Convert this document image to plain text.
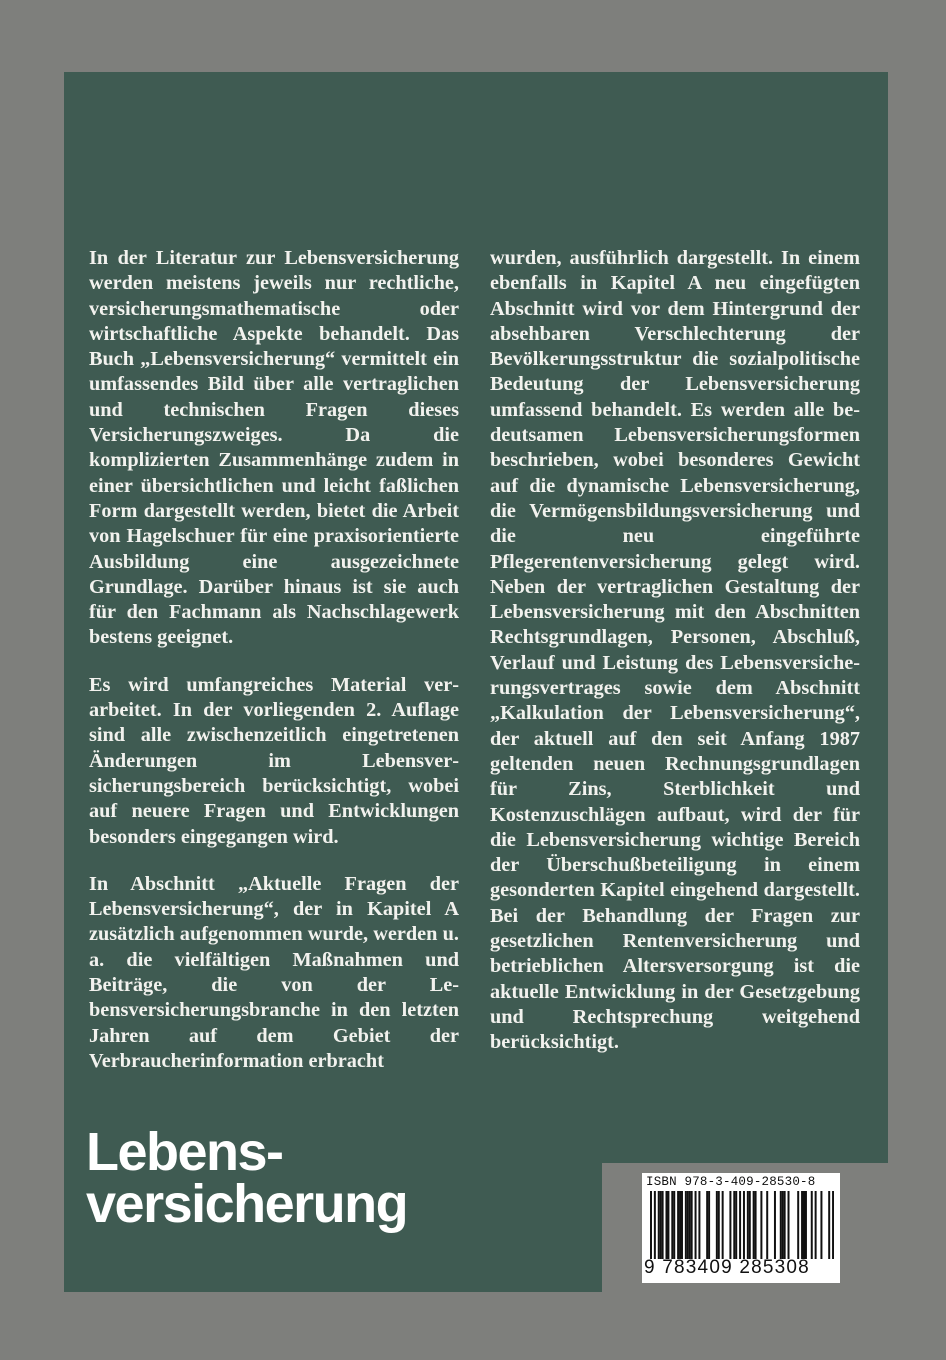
In der Literatur zur Lebensversicherung werden meistens jeweils nur rechtliche, versicherungsmathematische oder wirtschaftliche Aspekte behandelt. Das Buch „Lebensversicherung“ vermittelt ein umfassendes Bild über alle vertraglichen und technischen Fragen dieses Versicherungszweiges. Da die komplizierten Zusammenhänge zudem in einer übersichtlichen und leicht faßlichen Form dargestellt werden, bietet die Arbeit von Hagelschuer für eine praxisorientierte Ausbildung eine ausgezeichnete Grundlage. Darüber hinaus ist sie auch für den Fachmann als Nachschlagewerk bestens geeignet.

Es wird umfangreiches Material verarbeitet. In der vorliegenden 2. Auflage sind alle zwischenzeitlich eingetretenen Änderungen im Lebensversicherungsbereich berücksichtigt, wobei auf neuere Fragen und Entwicklungen besonders eingegangen wird.

In Abschnitt „Aktuelle Fragen der Lebensversicherung“, der in Kapitel A zusätzlich aufgenommen wurde, werden u. a. die vielfältigen Maßnahmen und Beiträge, die von der Lebensversicherungsbranche in den letzten Jahren auf dem Gebiet der Verbraucherinformation erbracht

wurden, ausführlich dargestellt. In einem ebenfalls in Kapitel A neu eingefügten Abschnitt wird vor dem Hintergrund der absehbaren Verschlechterung der Bevölkerungsstruktur die sozialpolitische Bedeutung der Lebensversicherung umfassend behandelt. Es werden alle bedeutsamen Lebensversicherungsformen beschrieben, wobei besonderes Gewicht auf die dynamische Lebensversicherung, die Vermögensbildungsversicherung und die neu eingeführte Pflegerentenversicherung gelegt wird. Neben der vertraglichen Gestaltung der Lebensversicherung mit den Abschnitten Rechtsgrundlagen, Personen, Abschluß, Verlauf und Leistung des Lebensversicherungsvertrages sowie dem Abschnitt „Kalkulation der Lebensversicherung“, der aktuell auf den seit Anfang 1987 geltenden neuen Rechnungsgrundlagen für Zins, Sterblichkeit und Kostenzuschlägen aufbaut, wird der für die Lebensversicherung wichtige Bereich der Überschußbeteiligung in einem gesonderten Kapitel eingehend dargestellt. Bei der Behandlung der Fragen zur gesetzlichen Rentenversicherung und betrieblichen Altersversorgung ist die aktuelle Entwicklung in der Gesetzgebung und Rechtsprechung weitgehend berücksichtigt.

Lebens-
versicherung	ISBN 978-3-409-28530-8
9 783409 285308
